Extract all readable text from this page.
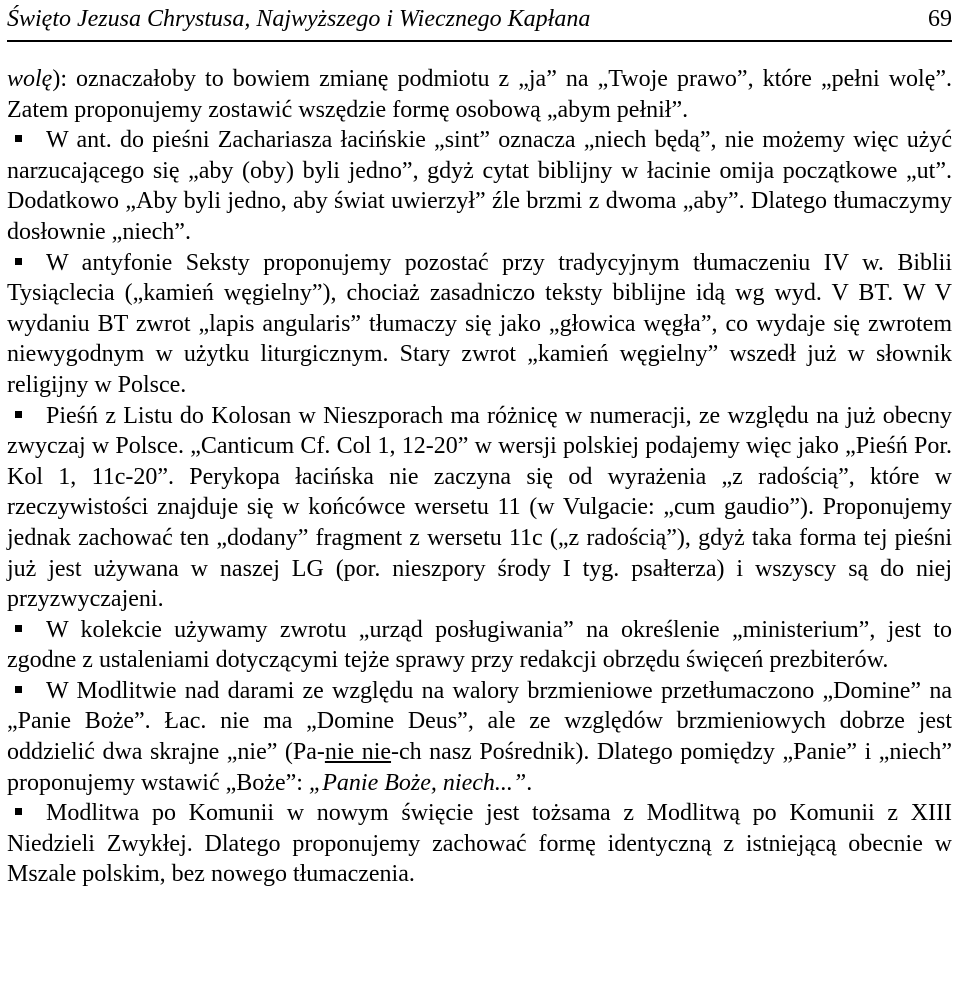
Święto Jezusa Chrystusa, Najwyższego i Wiecznego Kapłana	69

wolę): oznaczałoby to bowiem zmianę podmiotu z „ja” na „Twoje prawo”, które „pełni wolę”. Zatem proponujemy zostawić wszędzie formę osobową „abym pełnił”.

W ant. do pieśni Zachariasza łacińskie „sint” oznacza „niech będą”, nie możemy więc użyć narzucającego się „aby (oby) byli jedno”, gdyż cytat biblijny w łacinie omija początkowe „ut”. Dodatkowo „Aby byli jedno, aby świat uwierzył” źle brzmi z dwoma „aby”. Dlatego tłumaczymy dosłownie „niech”.

W antyfonie Seksty proponujemy pozostać przy tradycyjnym tłumaczeniu IV w. Biblii Tysiąclecia („kamień węgielny”), chociaż zasadniczo teksty biblijne idą wg wyd. V BT. W V wydaniu BT zwrot „lapis angularis” tłumaczy się jako „głowica węgła”, co wydaje się zwrotem niewygodnym w użytku liturgicznym. Stary zwrot „kamień węgielny” wszedł już w słownik religijny w Polsce.

Pieśń z Listu do Kolosan w Nieszporach ma różnicę w numeracji, ze względu na już obecny zwyczaj w Polsce. „Canticum Cf. Col 1, 12-20” w wersji polskiej podajemy więc jako „Pieśń Por. Kol 1, 11c-20”. Perykopa łacińska nie zaczyna się od wyrażenia „z radością”, które w rzeczywistości znajduje się w końcówce wersetu 11 (w Vulgacie: „cum gaudio”). Proponujemy jednak zachować ten „dodany” fragment z wersetu 11c („z radością”), gdyż taka forma tej pieśni już jest używana w naszej LG (por. nieszpory środy I tyg. psałterza) i wszyscy są do niej przyzwyczajeni.

W kolekcie używamy zwrotu „urząd posługiwania” na określenie „ministerium”, jest to zgodne z ustaleniami dotyczącymi tejże sprawy przy redakcji obrzędu święceń prezbiterów.

W Modlitwie nad darami ze względu na walory brzmieniowe przetłumaczono „Domine” na „Panie Boże”. Łac. nie ma „Domine Deus”, ale ze względów brzmieniowych dobrze jest oddzielić dwa skrajne „nie” (Pa-nie nie-ch nasz Pośrednik). Dlatego pomiędzy „Panie” i „niech” proponujemy wstawić „Boże”: „Panie Boże, niech...”.

Modlitwa po Komunii w nowym święcie jest tożsama z Modlitwą po Komunii z XIII Niedzieli Zwykłej. Dlatego proponujemy zachować formę identyczną z istniejącą obecnie w Mszale polskim, bez nowego tłumaczenia.
